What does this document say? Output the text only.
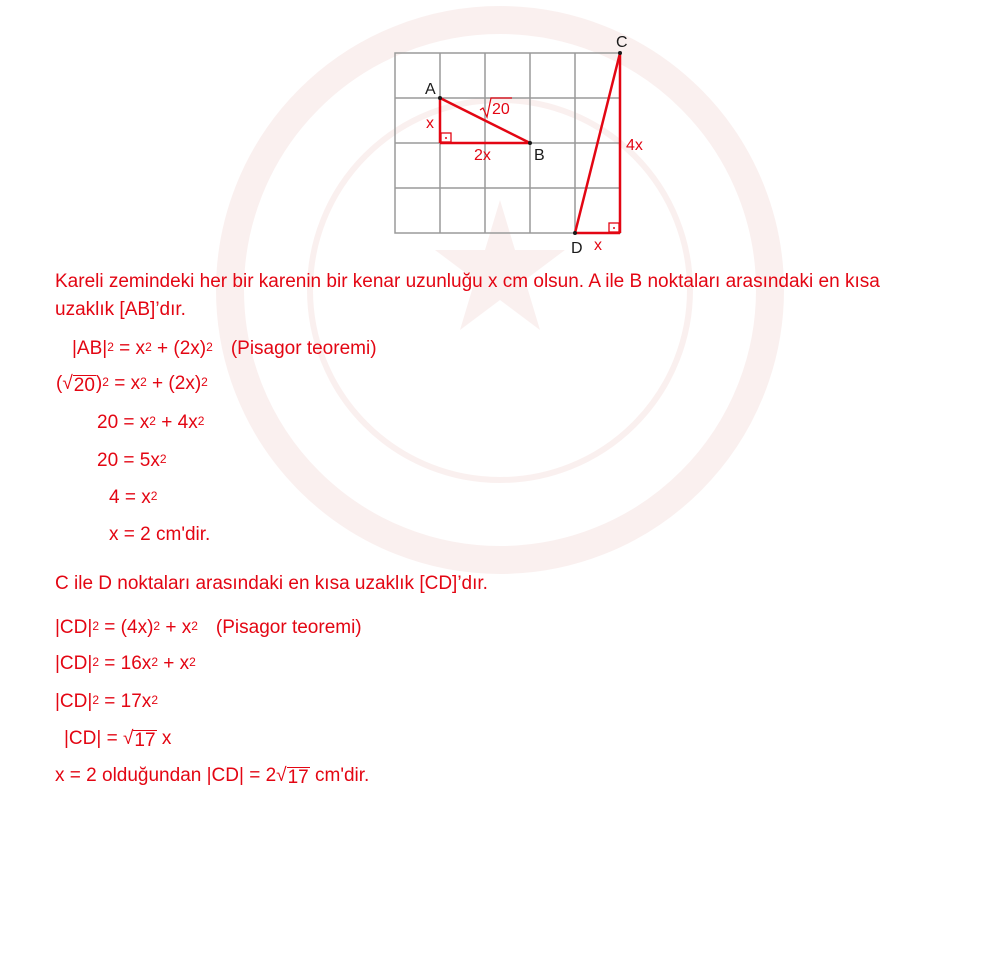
A
B
C
D
x
2x
20
4x
x
Kareli zemindeki her bir karenin bir kenar uzunluğu x cm olsun. A ile B noktaları arasındaki en kısa
uzaklık [AB]’dır.
$|AB|^2 = x^2 + (2x)^2$ (Pisagor teoremi)
( √ 20 )$^2 = x^2 + (2x)^2$
$20 = x^2 + 4x^2$
$20 = 5x^2$
$4 = x^2$
x = 2 cm'dir.
C ile D noktaları arasındaki en kısa uzaklık [CD]’dır.
$|CD|^2 = (4x)^2 + x^2$ (Pisagor teoremi)
$|CD|^2 = 16x^2 + x^2$
$|CD|^2 = 17x^2$
|CD| = √ 17 x
x = 2 olduğundan |CD| = 2 √ 17 cm'dir.
